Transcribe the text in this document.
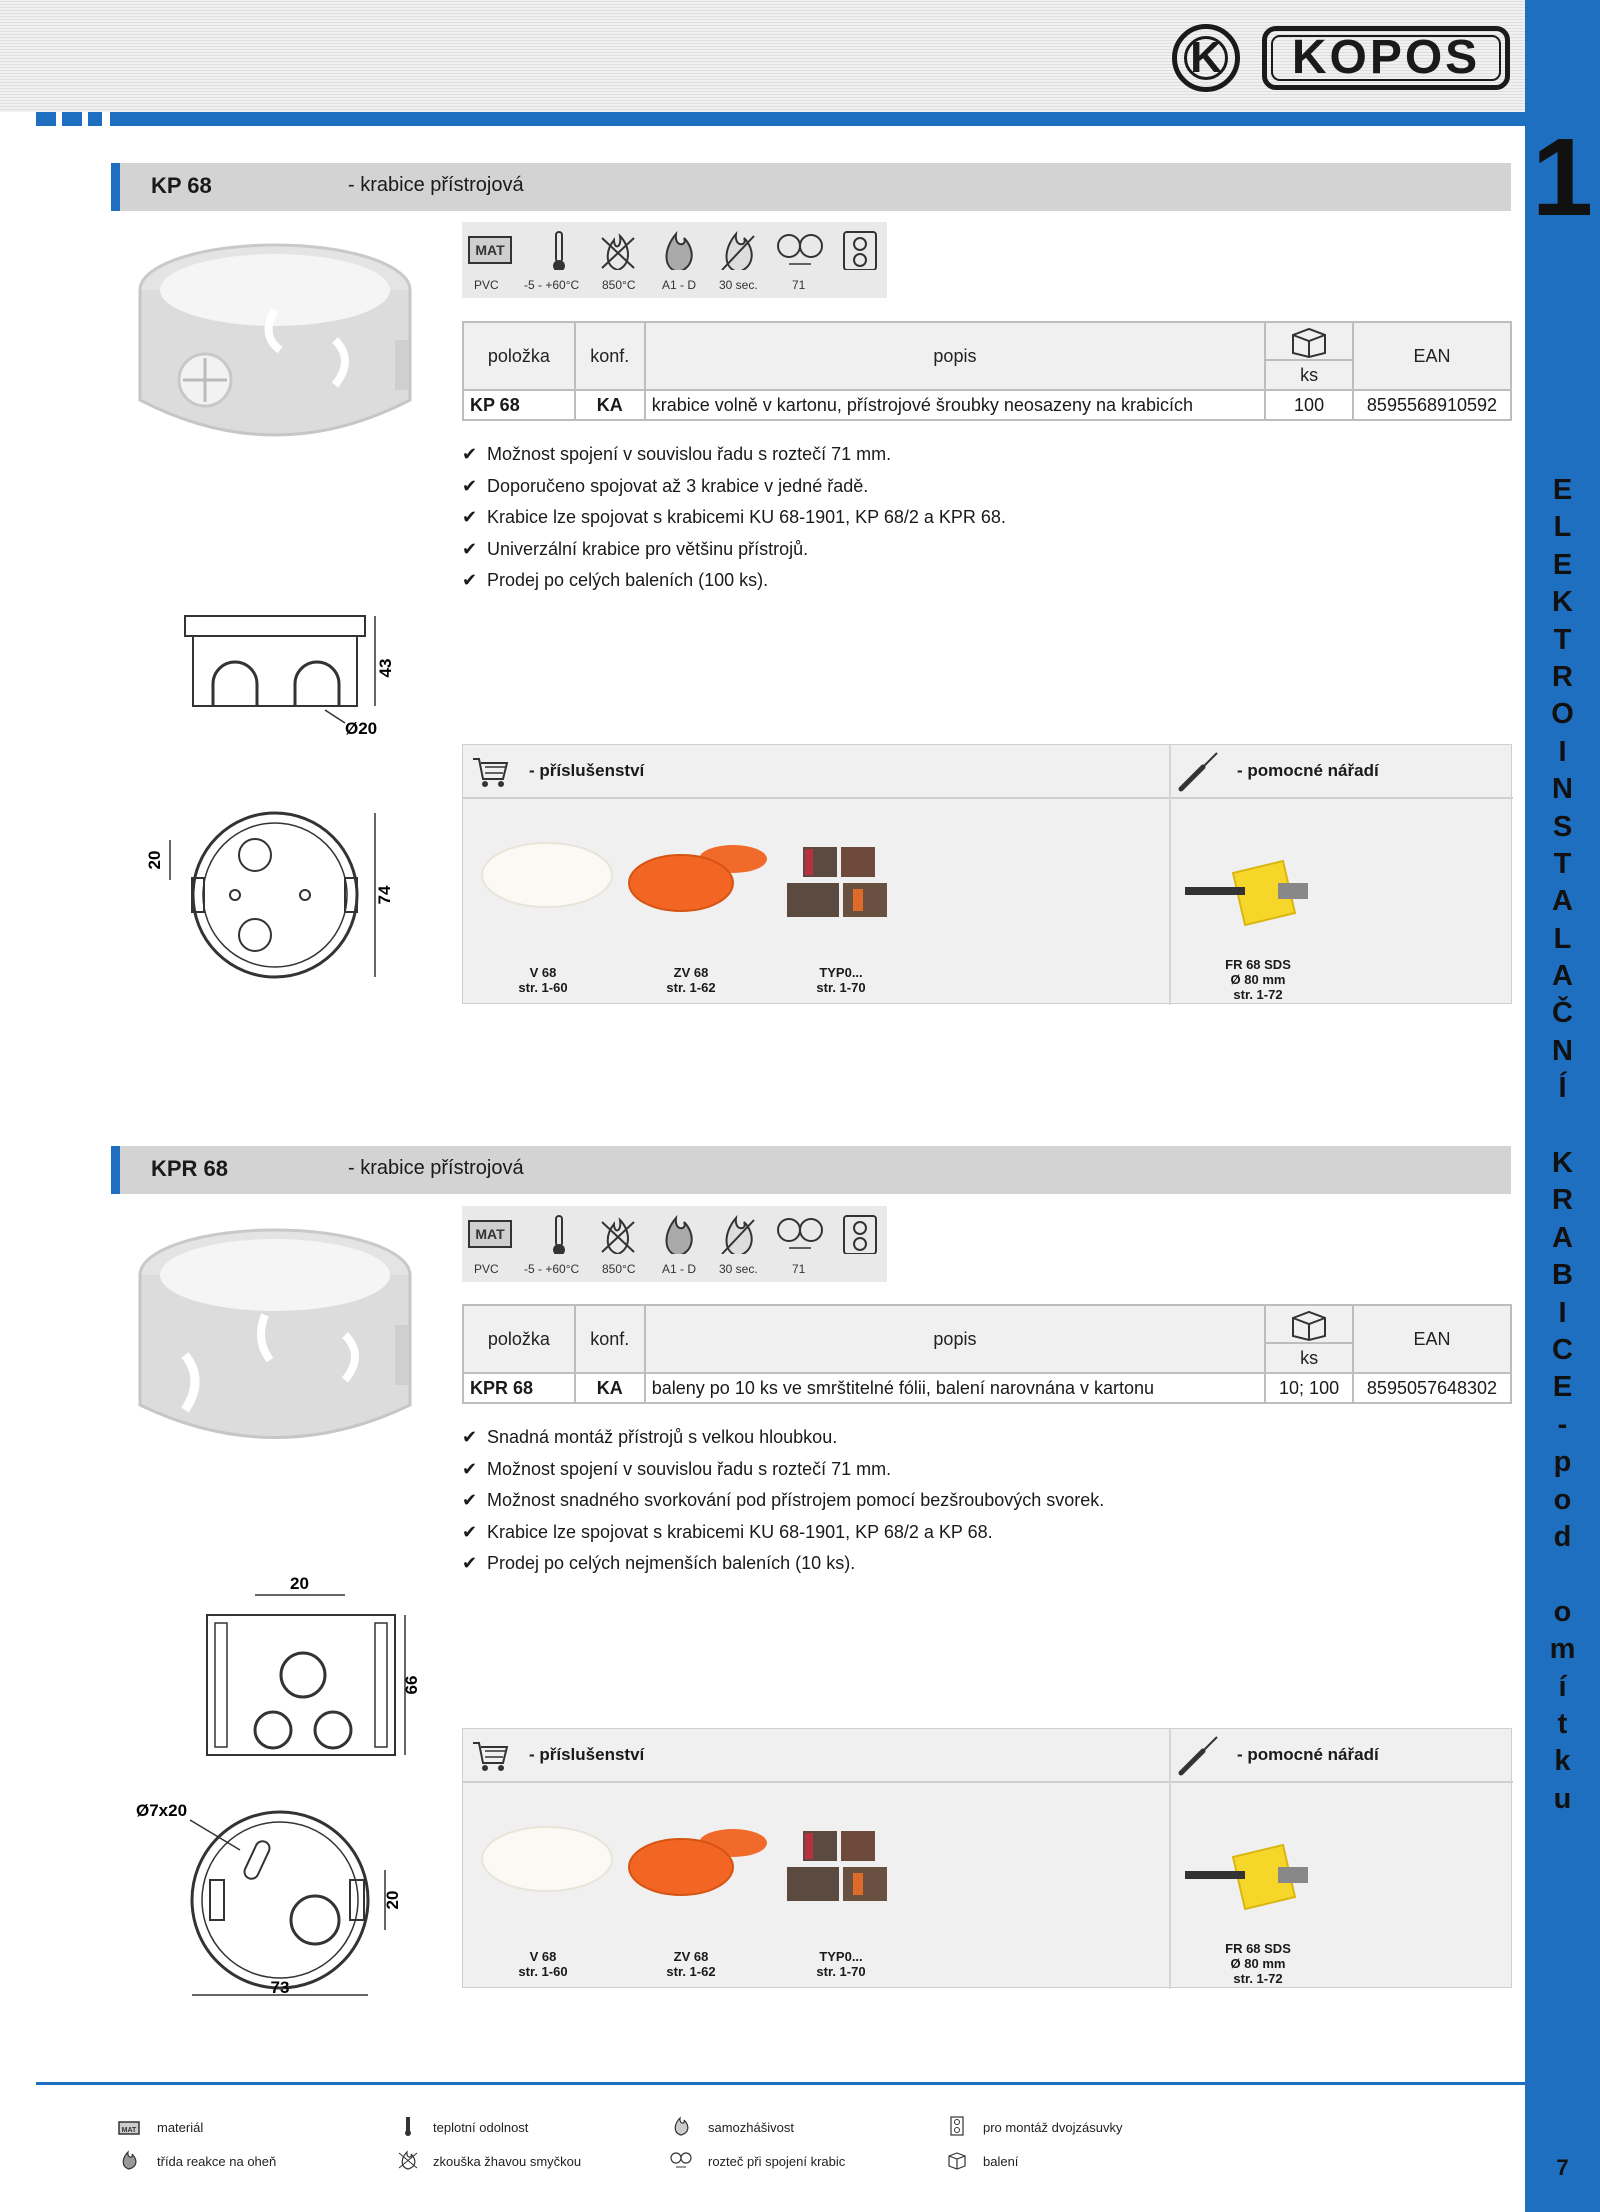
K	KOPOS
1
E
L
E
K
T
R
O
I
N
S
T
A
L
A
Č
N
Í
K
R
A
B
I
C
E
-
p
o
d
o
m
í
t
k
u
7
KP 68	- krabice přístrojová
43
Ø20
20
74
MAT
PVC -5 - +60°C 850°C A1 - D 30 sec.	71
položka	konf.	popis		EAN
			ks	
KP 68	KA	krabice volně v kartonu, přístrojové šroubky neosazeny na krabicích	100	8595568910592
✔ Možnost spojení v souvislou řadu s roztečí 71 mm.
✔ Doporučeno spojovat až 3 krabice v jedné řadě.
✔ Krabice lze spojovat s krabicemi KU 68-1901, KP 68/2 a KPR 68.
✔ Univerzální krabice pro většinu přístrojů.
✔ Prodej po celých baleních (100 ks).
- příslušenství	- pomocné nářadí
V 68
str. 1-60
ZV 68
str. 1-62
TYP0...
str. 1-70
FR 68 SDS
Ø 80 mm
str. 1-72
KPR 68	- krabice přístrojová
20
66
Ø7x20
20
73
MAT
PVC -5 - +60°C 850°C A1 - D 30 sec.	71
položka	konf.	popis		EAN
			ks	
KPR 68	KA	baleny po 10 ks ve smrštitelné fólii, balení narovnána v kartonu	10; 100	8595057648302
✔ Snadná montáž přístrojů s velkou hloubkou.
✔ Možnost spojení v souvislou řadu s roztečí 71 mm.
✔ Možnost snadného svorkování pod přístrojem pomocí bezšroubových svorek.
✔ Krabice lze spojovat s krabicemi KU 68-1901, KP 68/2 a KP 68.
✔ Prodej po celých nejmenších baleních (10 ks).
- příslušenství	- pomocné nářadí
V 68
str. 1-60
ZV 68
str. 1-62
TYP0...
str. 1-70
FR 68 SDS
Ø 80 mm
str. 1-72
MAT materiál	teplotní odolnost	samozhášivost	pro montáž dvojzásuvky
třída reakce na oheň	zkouška žhavou smyčkou	rozteč při spojení krabic	balení
